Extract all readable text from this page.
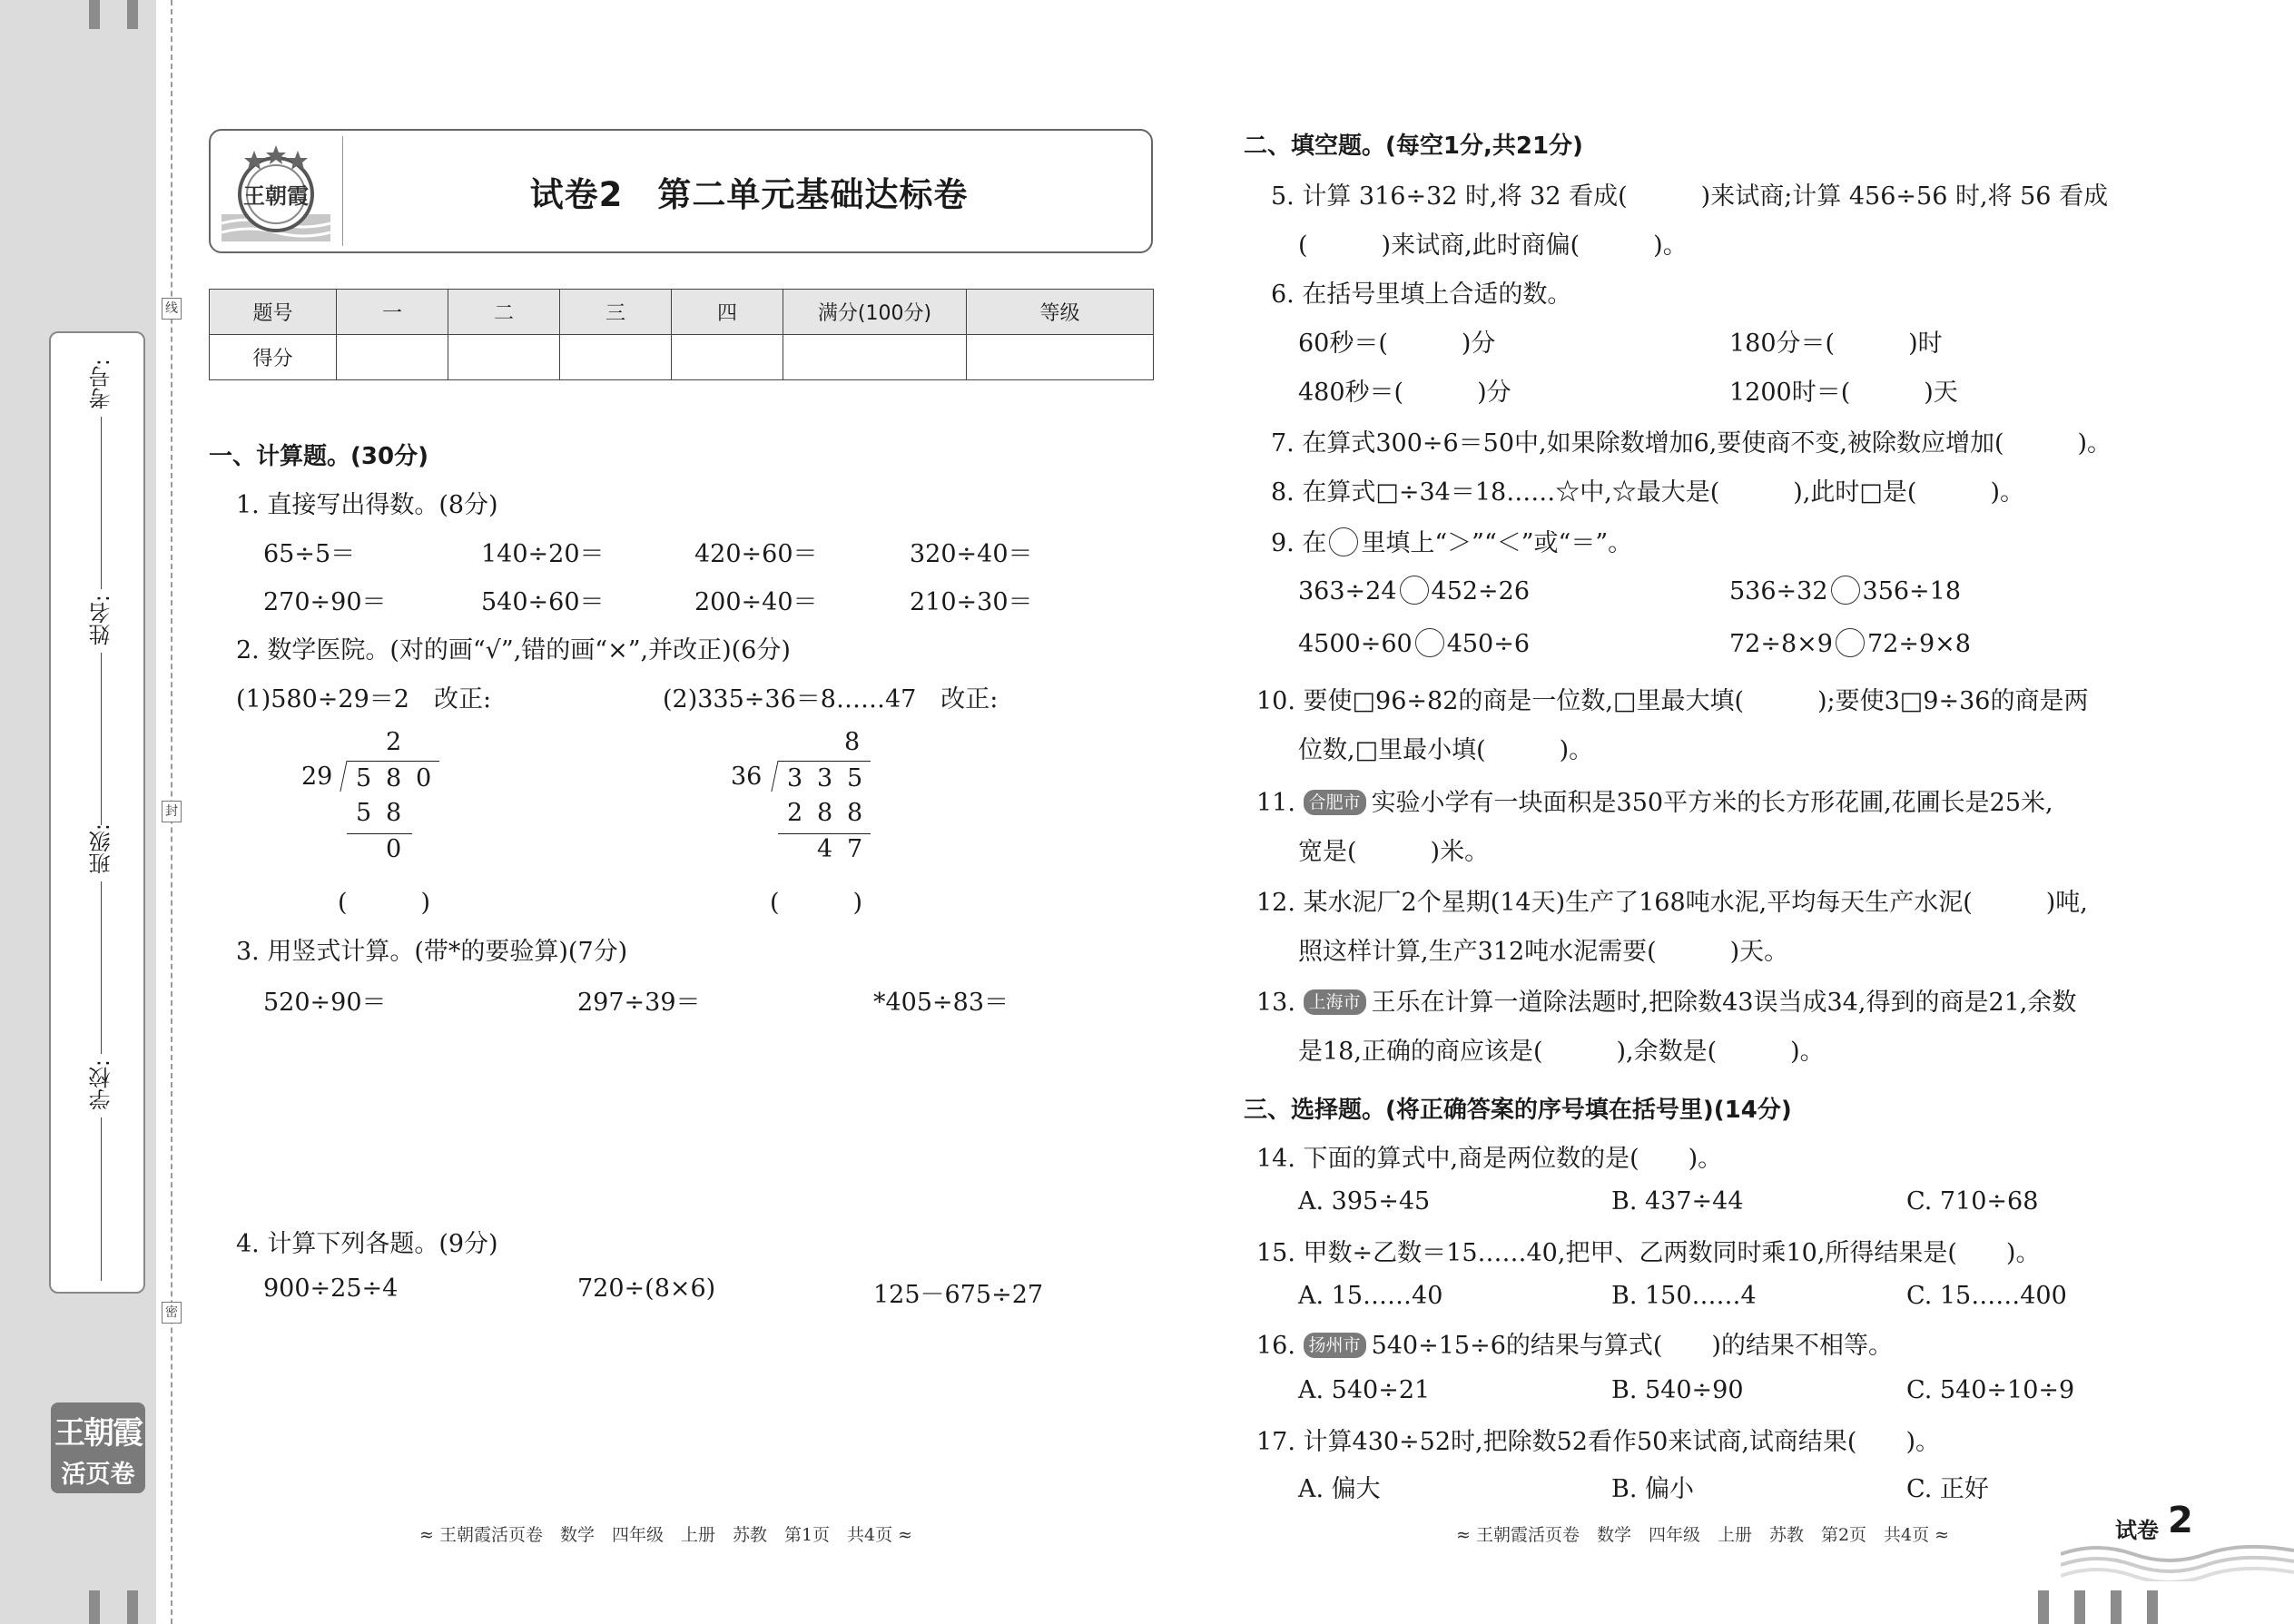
线
封
密
考号:
姓名:
班级:
学校:
王朝霞
活页卷
王朝霞	试卷2　第二单元基础达标卷
题号	一	二	三	四	满分(100分)	等级
得分						
一、计算题。(30分)
1. 直接写出得数。(8分)
65÷5＝	140÷20＝	420÷60＝	320÷40＝
270÷90＝	540÷60＝	200÷40＝	210÷30＝
2. 数学医院。(对的画“√”,错的画“×”,并改正)(6分)
(1)580÷29＝2　改正:	(2)335÷36＝8……47　改正:
2
29 5 8 0
5 8
0
8
36 3 3 5
2 8 8
4 7
(　　　)	(　　　)
3. 用竖式计算。(带*的要验算)(7分)
520÷90＝	297÷39＝	*405÷83＝
4. 计算下列各题。(9分)
900÷25÷4	720÷(8×6)	125－675÷27
≈ 王朝霞活页卷　数学　四年级　上册　苏教　第1页　共4页 ≈
二、填空题。(每空1分,共21分)
5. 计算 316÷32 时,将 32 看成(　　　)来试商;计算 456÷56 时,将 56 看成
(　　　)来试商,此时商偏(　　　)。
6. 在括号里填上合适的数。
60秒＝(　　　)分	180分＝(　　　)时
480秒＝(　　　)分	1200时＝(　　　)天
7. 在算式300÷6＝50中,如果除数增加6,要使商不变,被除数应增加(　　　)。
8. 在算式□÷34＝18……☆中,☆最大是(　　　),此时□是(　　　)。
9. 在 里填上“＞”“＜”或“＝”。
363÷24 452÷26	536÷32 356÷18
4500÷60 450÷6	72÷8×9 72÷9×8
10. 要使□96÷82的商是一位数,□里最大填(　　　);要使3□9÷36的商是两
位数,□里最小填(　　　)。
11. 合肥市 实验小学有一块面积是350平方米的长方形花圃,花圃长是25米,
宽是(　　　)米。
12. 某水泥厂2个星期(14天)生产了168吨水泥,平均每天生产水泥(　　　)吨,
照这样计算,生产312吨水泥需要(　　　)天。
13. 上海市 王乐在计算一道除法题时,把除数43误当成34,得到的商是21,余数
是18,正确的商应该是(　　　),余数是(　　　)。
三、选择题。(将正确答案的序号填在括号里)(14分)
14. 下面的算式中,商是两位数的是(　　)。
A. 395÷45	B. 437÷44	C. 710÷68
15. 甲数÷乙数＝15……40,把甲、乙两数同时乘10,所得结果是(　　)。
A. 15……40	B. 150……4	C. 15……400
16. 扬州市 540÷15÷6的结果与算式(　　)的结果不相等。
A. 540÷21	B. 540÷90	C. 540÷10÷9
17. 计算430÷52时,把除数52看作50来试商,试商结果(　　)。
A. 偏大	B. 偏小	C. 正好
≈ 王朝霞活页卷　数学　四年级　上册　苏教　第2页　共4页 ≈	试卷 2
